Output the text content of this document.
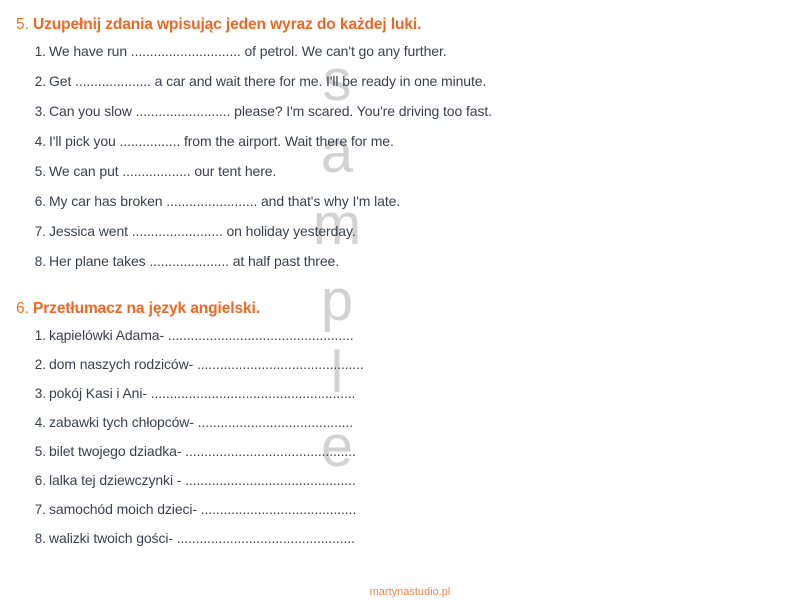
s
a
m
p
l
e
5. Uzupełnij zdania wpisując jeden wyraz do każdej luki.
1. We have run ............................. of petrol. We can't go any further.
2. Get .................... a car and wait there for me. I'll be ready in one minute.
3. Can you slow ......................... please? I'm scared. You're driving too fast.
4. I'll pick you ................ from the airport. Wait there for me.
5. We can put .................. our tent here.
6. My car has broken ........................ and that's why I'm late.
7. Jessica went ........................ on holiday yesterday.
8. Her plane takes ..................... at half past three.
6. Przetłumacz na język angielski.
1. kąpielówki Adama- .................................................
2. dom naszych rodziców- ............................................
3. pokój Kasi i Ani- ......................................................
4. zabawki tych chłopców- .........................................
5. bilet twojego dziadka- .............................................
6. lalka tej dziewczynki - .............................................
7. samochód moich dzieci- .........................................
8. walizki twoich gości- ...............................................
martynastudio.pl
